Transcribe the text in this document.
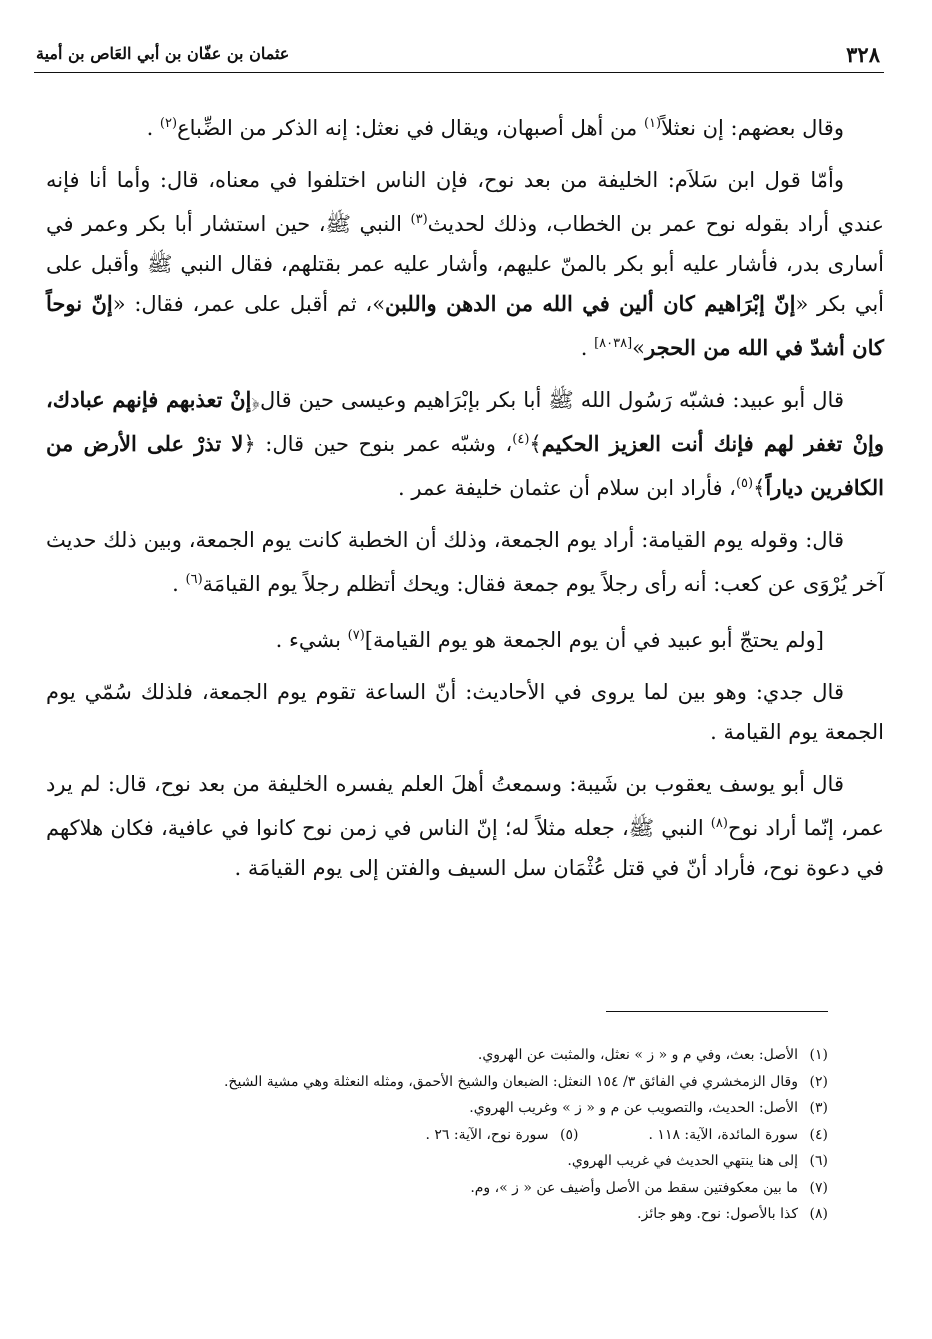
٣٢٨
عثمان بن عفّان بن أبي العَاص بن أمية

وقال بعضهم: إن نعثلاً$^{(١)}$ من أهل أصبهان، ويقال في نعثل: إنه الذكر من الضِّباع$^{(٢)}$ .

وأمّا قول ابن سَلاَم: الخليفة من بعد نوح، فإن الناس اختلفوا في معناه، قال: وأما أنا فإنه عندي أراد بقوله نوح عمر بن الخطاب، وذلك لحديث$^{(٣)}$ النبي ﷺ، حين استشار أبا بكر وعمر في أسارى بدر، فأشار عليه أبو بكر بالمنّ عليهم، وأشار عليه عمر بقتلهم، فقال النبي ﷺ وأقبل على أبي بكر «إنّ إبْرَاهيم كان ألين في الله من الدهن واللبن»، ثم أقبل على عمر، فقال: «إنّ نوحاً كان أشدّ في الله من الحجر»[٨٠٣٨] .

قال أبو عبيد: فشبّه رَسُول الله ﷺ أبا بكر بإبْرَاهيم وعيسى حين قال﴿إنْ تعذبهم فإنهم عبادك، وإنْ تغفر لهم فإنك أنت العزيز الحكيم﴾$^{(٤)}$، وشبّه عمر بنوح حين قال: ﴿لا تذرْ على الأرض من الكافرين دياراً﴾$^{(٥)}$، فأراد ابن سلام أن عثمان خليفة عمر .

قال: وقوله يوم القيامة: أراد يوم الجمعة، وذلك أن الخطبة كانت يوم الجمعة، وبين ذلك حديث آخر يُرْوَى عن كعب: أنه رأى رجلاً يوم جمعة فقال: ويحك أتظلم رجلاً يوم القيامَة$^{(٦)}$ .

[ولم يحتجّ أبو عبيد في أن يوم الجمعة هو يوم القيامة]$^{(٧)}$ بشيء .

قال جدي: وهو بين لما يروى في الأحاديث: أنّ الساعة تقوم يوم الجمعة، فلذلك سُمّي يوم الجمعة يوم القيامة .

قال أبو يوسف يعقوب بن شَيبة: وسمعتُ أهلَ العلم يفسره الخليفة من بعد نوح، قال: لم يرد عمر، إنّما أراد نوح$^{(٨)}$ النبي ﷺ، جعله مثلاً له؛ إنّ الناس في زمن نوح كانوا في عافية، فكان هلاكهم في دعوة نوح، فأراد أنّ في قتل عُثْمَان سل السيف والفتن إلى يوم القيامَة .

(١)الأصل: بعث، وفي م و « ز » نعثل، والمثبت عن الهروي.
(٢)وقال الزمخشري في الفائق ٣/ ١٥٤ النعثل: الضبعان والشيخ الأحمق، ومثله النعثلة وهي مشية الشيخ.
(٣)الأصل: الحديث، والتصويب عن م و « ز » وغريب الهروي.
(٤)سورة المائدة، الآية: ١١٨ .(٥)سورة نوح، الآية: ٢٦ .
(٦)إلى هنا ينتهي الحديث في غريب الهروي.
(٧)ما بين معكوفتين سقط من الأصل وأضيف عن « ز »، وم.
(٨)كذا بالأصول: نوح. وهو جائز.
